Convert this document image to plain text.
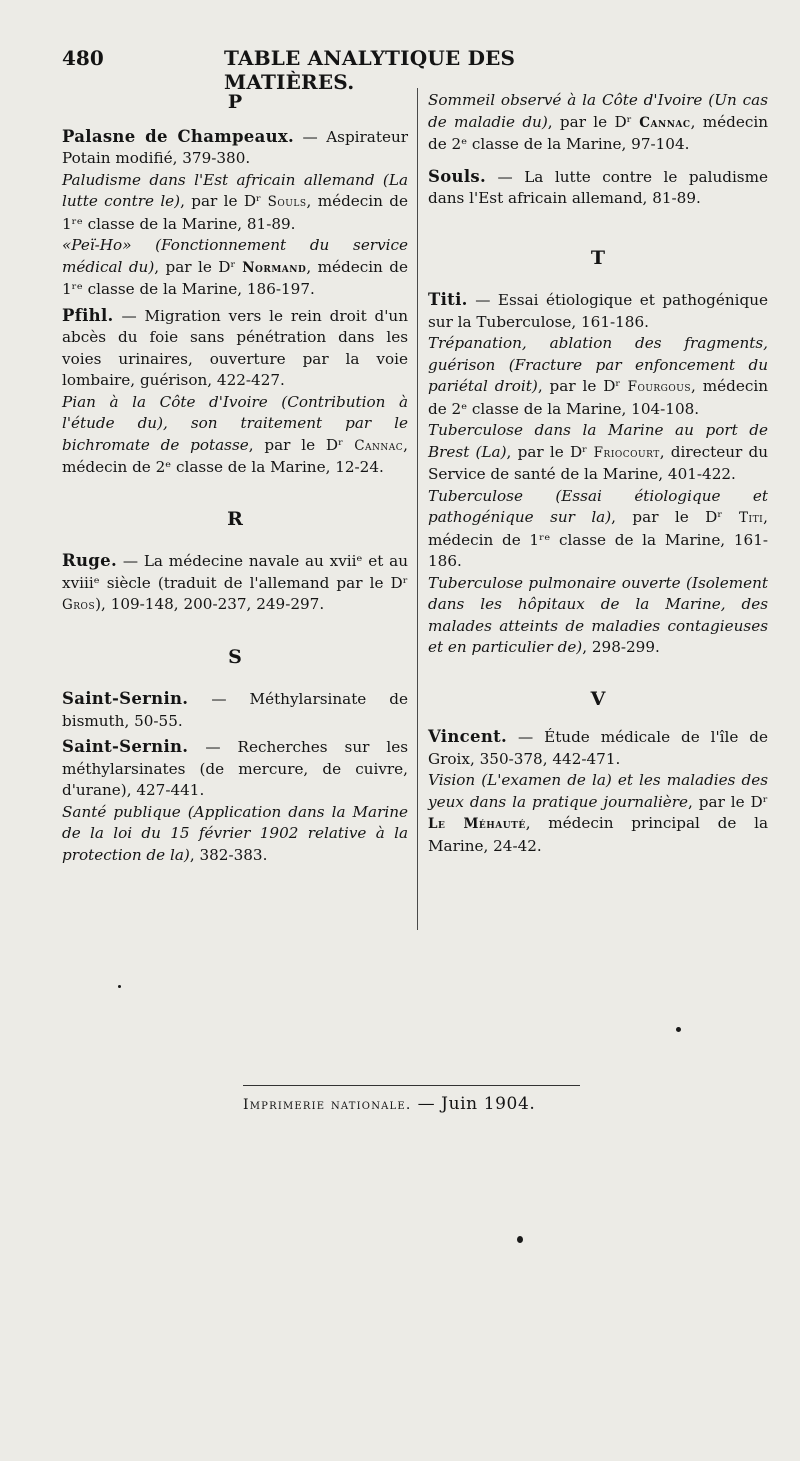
480	TABLE ANALYTIQUE DES MATIÈRES.
P

Palasne de Champeaux. — Aspirateur Potain modifié, 379-380.

Paludisme dans l'Est africain allemand (La lutte contre le), par le Dʳ Souls, médecin de 1ʳᵉ classe de la Marine, 81-89.

«Peï-Ho» (Fonctionnement du service médical du), par le Dʳ Normand, médecin de 1ʳᵉ classe de la Marine, 186-197.

Pfihl. — Migration vers le rein droit d'un abcès du foie sans pénétration dans les voies urinaires, ouverture par la voie lombaire, guérison, 422-427.

Pian à la Côte d'Ivoire (Contribution à l'étude du), son traitement par le bichromate de potasse, par le Dʳ Cannac, médecin de 2ᵉ classe de la Marine, 12-24.

R

Ruge. — La médecine navale au xviiᵉ et au xviiiᵉ siècle (traduit de l'allemand par le Dʳ Gros), 109-148, 200-237, 249-297.

S

Saint-Sernin. — Méthylarsinate de bismuth, 50-55.

Saint-Sernin. — Recherches sur les méthylarsinates (de mercure, de cuivre, d'urane), 427-441.

Santé publique (Application dans la Marine de la loi du 15 février 1902 relative à la protection de la), 382-383.

Sommeil observé à la Côte d'Ivoire (Un cas de maladie du), par le Dʳ Cannac, médecin de 2ᵉ classe de la Marine, 97-104.

Souls. — La lutte contre le paludisme dans l'Est africain allemand, 81-89.

T

Titi. — Essai étiologique et pathogénique sur la Tuberculose, 161-186.

Trépanation, ablation des fragments, guérison (Fracture par enfoncement du pariétal droit), par le Dʳ Fourgous, médecin de 2ᵉ classe de la Marine, 104-108.

Tuberculose dans la Marine au port de Brest (La), par le Dʳ Friocourt, directeur du Service de santé de la Marine, 401-422.

Tuberculose (Essai étiologique et pathogénique sur la), par le Dʳ Titi, médecin de 1ʳᵉ classe de la Marine, 161-186.

Tuberculose pulmonaire ouverte (Isolement dans les hôpitaux de la Marine, des malades atteints de maladies contagieuses et en particulier de), 298-299.

V

Vincent. — Étude médicale de l'île de Groix, 350-378, 442-471.

Vision (L'examen de la) et les maladies des yeux dans la pratique journalière, par le Dʳ Le Méhauté, médecin principal de la Marine, 24-42.

Imprimerie nationale. — Juin 1904.
